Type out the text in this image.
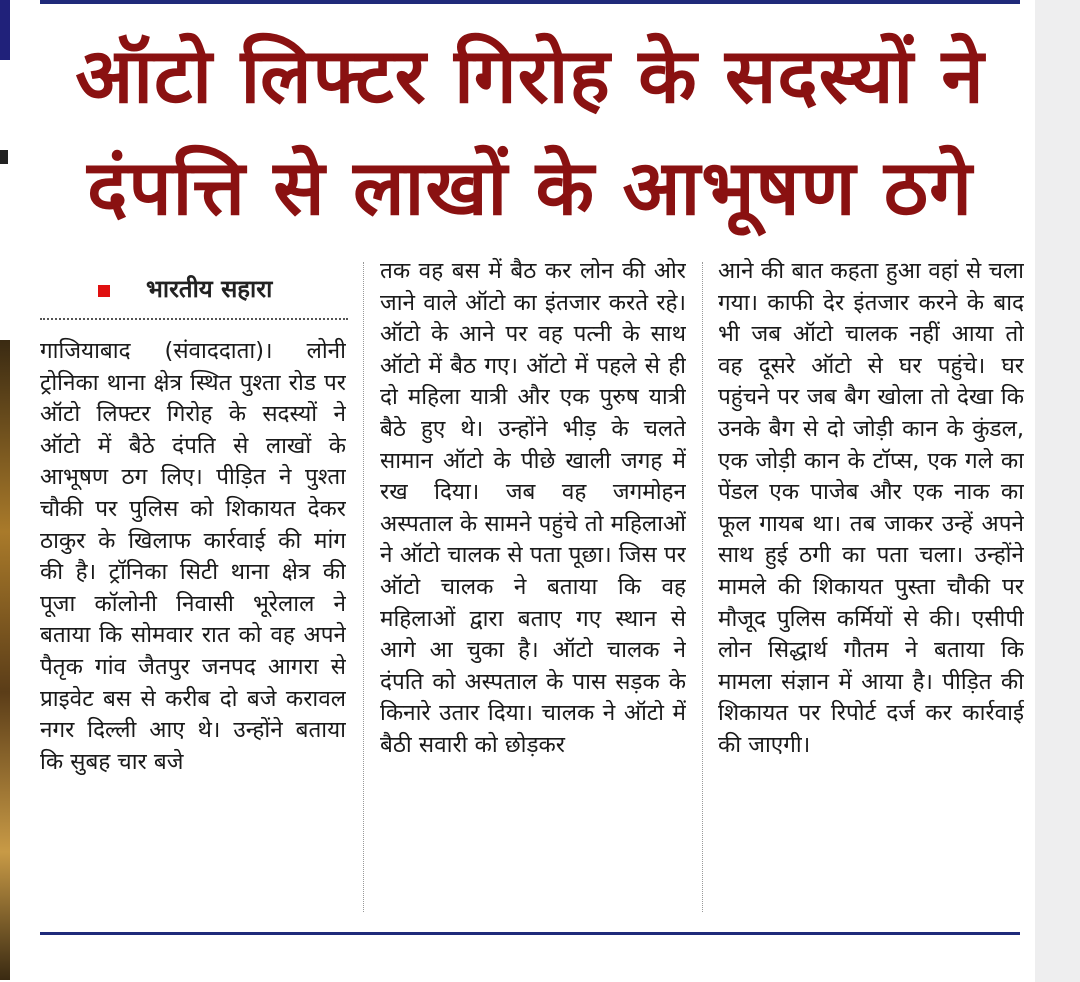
ऑटो लिफ्टर गिरोह के सदस्यों ने
दंपत्ति से लाखों के आभूषण ठगे
भारतीय सहारा
गाजियाबाद (संवाददाता)। लोनी ट्रोनिका थाना क्षेत्र स्थित पुश्ता रोड पर ऑटो लिफ्टर गिरोह के सदस्यों ने ऑटो में बैठे दंपति से लाखों के आभूषण ठग लिए। पीड़ित ने पुश्ता चौकी पर पुलिस को शिकायत देकर ठाकुर के खिलाफ कार्रवाई की मांग की है। ट्रॉनिका सिटी थाना क्षेत्र की पूजा कॉलोनी निवासी भूरेलाल ने बताया कि सोमवार रात को वह अपने पैतृक गांव जैतपुर जनपद आगरा से प्राइवेट बस से करीब दो बजे करावल नगर दिल्ली आए थे। उन्होंने बताया कि सुबह चार बजे
तक वह बस में बैठ कर लोन की ओर जाने वाले ऑटो का इंतजार करते रहे। ऑटो के आने पर वह पत्नी के साथ ऑटो में बैठ गए। ऑटो में पहले से ही दो महिला यात्री और एक पुरुष यात्री बैठे हुए थे। उन्होंने भीड़ के चलते सामान ऑटो के पीछे खाली जगह में रख दिया। जब वह जगमोहन अस्पताल के सामने पहुंचे तो महिलाओं ने ऑटो चालक से पता पूछा। जिस पर ऑटो चालक ने बताया कि वह महिलाओं द्वारा बताए गए स्थान से आगे आ चुका है। ऑटो चालक ने दंपति को अस्पताल के पास सड़क के किनारे उतार दिया। चालक ने ऑटो में बैठी सवारी को छोड़कर
आने की बात कहता हुआ वहां से चला गया। काफी देर इंतजार करने के बाद भी जब ऑटो चालक नहीं आया तो वह दूसरे ऑटो से घर पहुंचे। घर पहुंचने पर जब बैग खोला तो देखा कि उनके बैग से दो जोड़ी कान के कुंडल, एक जोड़ी कान के टॉप्स, एक गले का पेंडल एक पाजेब और एक नाक का फूल गायब था। तब जाकर उन्हें अपने साथ हुई ठगी का पता चला। उन्होंने मामले की शिकायत पुस्ता चौकी पर मौजूद पुलिस कर्मियों से की। एसीपी लोन सिद्धार्थ गौतम ने बताया कि मामला संज्ञान में आया है। पीड़ित की शिकायत पर रिपोर्ट दर्ज कर कार्रवाई की जाएगी।
